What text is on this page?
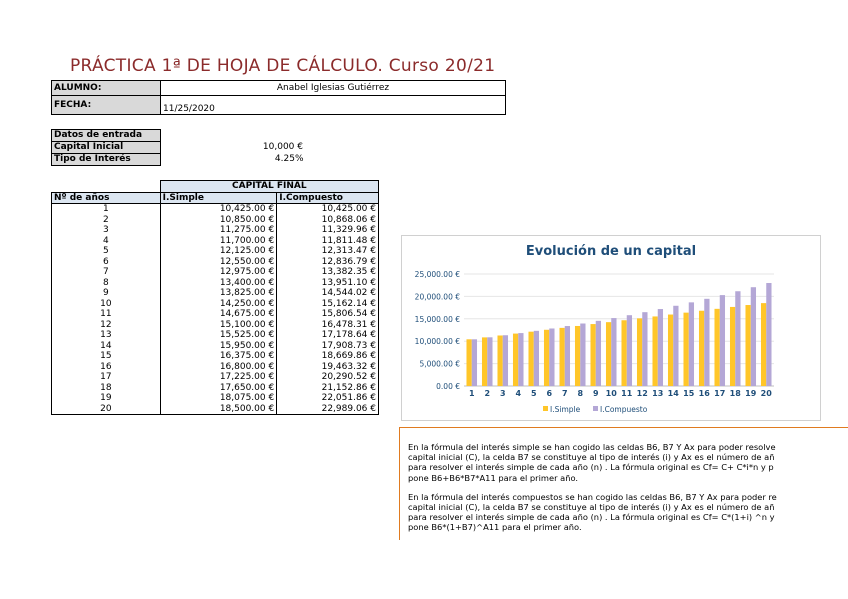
PRÁCTICA 1ª DE HOJA DE CÁLCULO. Curso 20/21
ALUMNO:	Anabel Iglesias Gutiérrez
FECHA:	11/25/2020
Datos de entrada	
Capital Inicial	10,000 €
Tipo de Interés	4.25%
	CAPITAL FINAL	
Nº de años	I.Simple	I.Compuesto
1	10,425.00 €	10,425.00 €
2	10,850.00 €	10,868.06 €
3	11,275.00 €	11,329.96 €
4	11,700.00 €	11,811.48 €
5	12,125.00 €	12,313.47 €
6	12,550.00 €	12,836.79 €
7	12,975.00 €	13,382.35 €
8	13,400.00 €	13,951.10 €
9	13,825.00 €	14,544.02 €
10	14,250.00 €	15,162.14 €
11	14,675.00 €	15,806.54 €
12	15,100.00 €	16,478.31 €
13	15,525.00 €	17,178.64 €
14	15,950.00 €	17,908.73 €
15	16,375.00 €	18,669.86 €
16	16,800.00 €	19,463.32 €
17	17,225.00 €	20,290.52 €
18	17,650.00 €	21,152.86 €
19	18,075.00 €	22,051.86 €
20	18,500.00 €	22,989.06 €
Evolución de un capital
0.00 €
5,000.00 €
10,000.00 €
15,000.00 €
20,000.00 €
25,000.00 €
1 2 3 4 5 6 7 8 9 10 11 12 13 14 15 16 17 18 19 20
I.Simple	I.Compuesto

En la fórmula del interés simple se han cogido las celdas B6, B7 Y Ax para poder resolve
capital inicial (C), la celda B7 se constituye al tipo de interés (i) y Ax es el número de añ
para resolver el interés simple de cada año (n) . La fórmula original es Cf= C+ C*i*n y p
pone B6+B6*B7*A11 para el primer año.

En la fórmula del interés compuestos se han cogido las celdas B6, B7 Y Ax para poder re
capital inicial (C), la celda B7 se constituye al tipo de interés (i) y Ax es el número de añ
para resolver el interés simple de cada año (n) . La fórmula original es Cf= C*(1+i) ^n y
pone B6*(1+B7)^A11 para el primer año.
